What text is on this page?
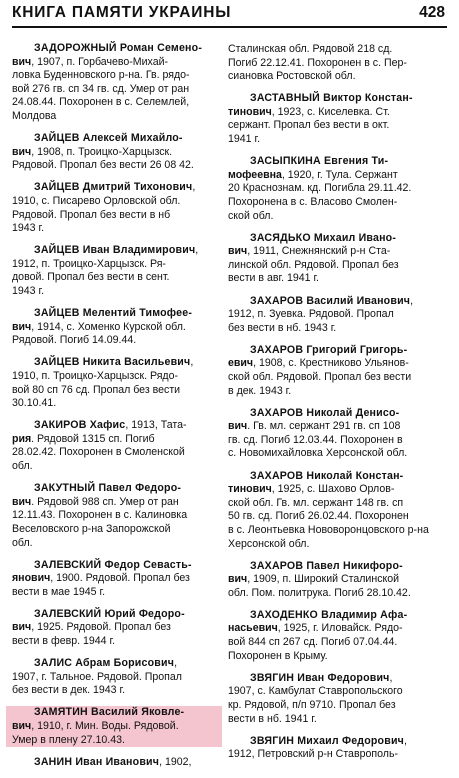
КНИГА ПАМЯТИ УКРАИНЫ	428
ЗАДОРОЖНЫЙ Роман Семено-
вич, 1907, п. Горбачево-Михай-
ловка Буденновского р-на. Гв. рядо-
вой 276 гв. сп 34 гв. сд. Умер от ран
24.08.44. Похоронен в с. Селемлей,
Молдова
ЗАЙЦЕВ Алексей Михайло-
вич, 1908, п. Троицко-Харцызск.
Рядовой. Пропал без вести 26 08 42.
ЗАЙЦЕВ Дмитрий Тихонович,
1910, с. Писарево Орловской обл.
Рядовой. Пропал без вести в нб
1943 г.
ЗАЙЦЕВ Иван Владимирович,
1912, п. Троицко-Харцызск. Ря-
довой. Пропал без вести в сент.
1943 г.
ЗАЙЦЕВ Мелентий Тимофее-
вич, 1914, с. Хоменко Курской обл.
Рядовой. Погиб 14.09.44.
ЗАЙЦЕВ Никита Васильевич,
1910, п. Троицко-Харцызск. Рядо-
вой 80 сп 76 сд. Пропал без вести
30.10.41.
ЗАКИРОВ Хафис, 1913, Тата-
рия. Рядовой 1315 сп. Погиб
28.02.42. Похоронен в Смоленской
обл.
ЗАКУТНЫЙ Павел Федоро-
вич. Рядовой 988 сп. Умер от ран
12.11.43. Похоронен в с. Калиновка
Веселовского р-на Запорожской
обл.
ЗАЛЕВСКИЙ Федор Севасть-
янович, 1900. Рядовой. Пропал без
вести в мае 1945 г.
ЗАЛЕВСКИЙ Юрий Федоро-
вич, 1925. Рядовой. Пропал без
вести в февр. 1944 г.
ЗАЛИС Абрам Борисович,
1907, г. Тальное. Рядовой. Пропал
без вести в дек. 1943 г.
ЗАМЯТИН Василий Яковле-
вич, 1910, г. Мин. Воды. Рядовой.
Умер в плену 27.10.43.
ЗАНИН Иван Иванович, 1902,
Сталинская обл. Рядовой 218 сд.
Погиб 22.12.41. Похоронен в с. Пер-
сиановка Ростовской обл.
ЗАСТАВНЫЙ Виктор Констан-
тинович, 1923, с. Киселевка. Ст.
сержант. Пропал без вести в окт.
1941 г.
ЗАСЫПКИНА Евгения Ти-
мофеевна, 1920, г. Тула. Сержант
20 Краснознам. кд. Погибла 29.11.42.
Похоронена в с. Власово Смолен-
ской обл.
ЗАСЯДЬКО Михаил Ивано-
вич, 1911, Снежнянский р-н Ста-
линской обл. Рядовой. Пропал без
вести в авг. 1941 г.
ЗАХАРОВ Василий Иванович,
1912, п. Зуевка. Рядовой. Пропал
без вести в нб. 1943 г.
ЗАХАРОВ Григорий Григорь-
евич, 1908, с. Крестниково Ульянов-
ской обл. Рядовой. Пропал без вести
в дек. 1943 г.
ЗАХАРОВ Николай Денисо-
вич. Гв. мл. сержант 291 гв. сп 108
гв. сд. Погиб 12.03.44. Похоронен в
с. Новомихайловка Херсонской обл.
ЗАХАРОВ Николай Констан-
тинович, 1925, с. Шахово Орлов-
ской обл. Гв. мл. сержант 148 гв. сп
50 гв. сд. Погиб 26.02.44. Похоронен
в с. Леонтьевка Нововоронцовского р-на
Херсонской обл.
ЗАХАРОВ Павел Никифоро-
вич, 1909, п. Широкий Сталинской
обл. Пом. политрука. Погиб 28.10.42.
ЗАХОДЕНКО Владимир Афа-
насьевич, 1925, г. Иловайск. Рядо-
вой 844 сп 267 сд. Погиб 07.04.44.
Похоронен в Крыму.
ЗВЯГИН Иван Федорович,
1907, с. Камбулат Ставропольского
кр. Рядовой, п/п 9710. Пропал без
вести в нб. 1941 г.
ЗВЯГИН Михаил Федорович,
1912, Петровский р-н Ставрополь-
